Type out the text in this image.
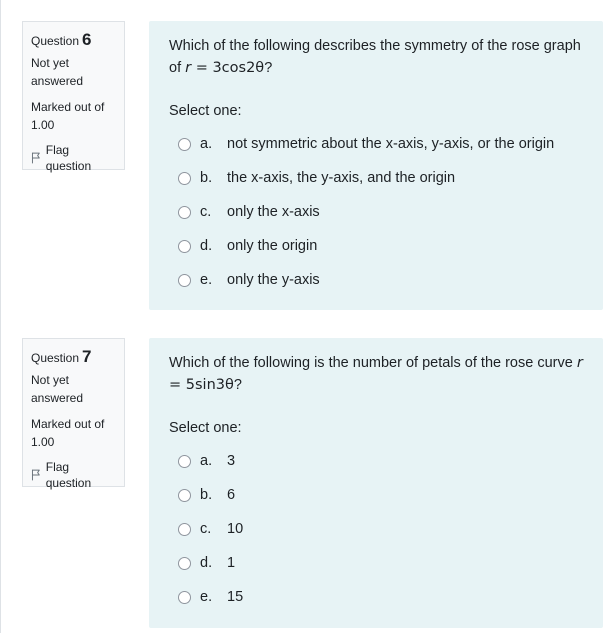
Question 6
Not yet answered
Marked out of 1.00
Flag question
Which of the following describes the symmetry of the rose graph of r = 3cos2θ?
Select one:
a.	not symmetric about the x-axis, y-axis, or the origin
b.	the x-axis, the y-axis, and the origin
c.	only the x-axis
d.	only the origin
e.	only the y-axis
Question 7
Not yet answered
Marked out of 1.00
Flag question
Which of the following is the number of petals of the rose curve r = 5sin3θ?
Select one:
a.	3
b.	6
c.	10
d.	1
e.	15
